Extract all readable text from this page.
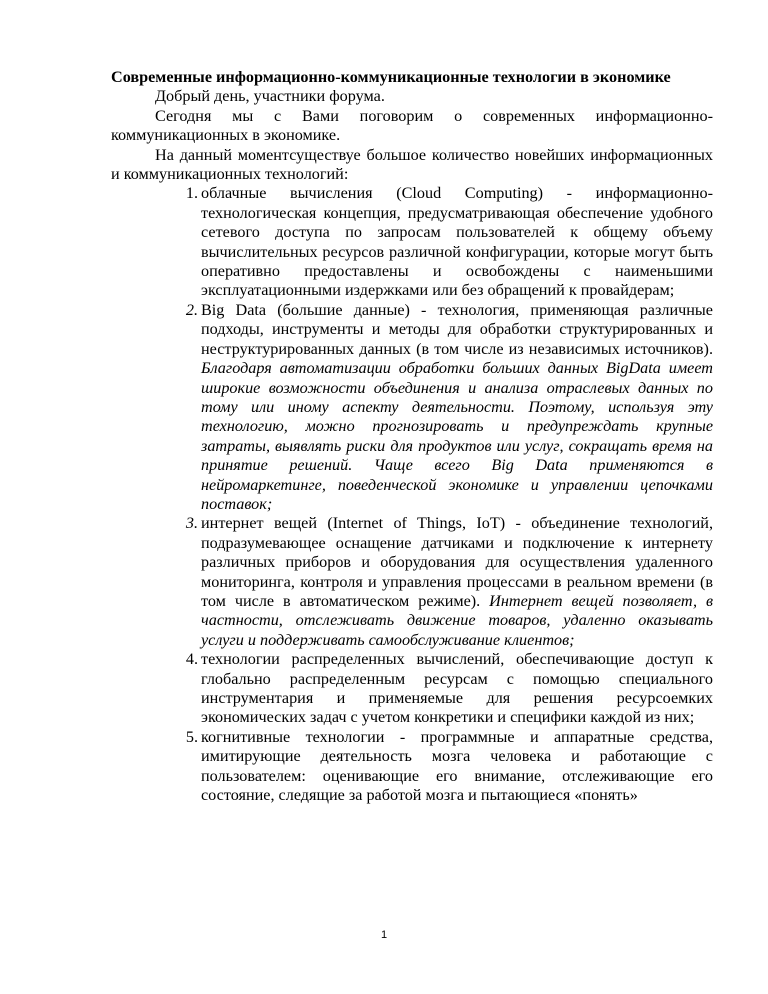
Современные информационно-коммуникационные технологии в экономике

Добрый день, участники форума.

Сегодня мы с Вами поговорим о современных информационно-коммуникационных в экономике.

На данный моментсуществуе большое количество новейших информационных и коммуникационных технологий:

1. облачные вычисления (Cloud Computing) - информационно-технологическая концепция, предусматривающая обеспечение удобного сетевого доступа по запросам пользователей к общему объему вычислительных ресурсов различной конфигурации, которые могут быть оперативно предоставлены и освобождены с наименьшими эксплуатационными издержками или без обращений к провайдерам;
2. Big Data (большие данные) - технология, применяющая различные подходы, инструменты и методы для обработки структурированных и неструктурированных данных (в том числе из независимых источников). Благодаря автоматизации обработки больших данных BigData имеет широкие возможности объединения и анализа отраслевых данных по тому или иному аспекту деятельности. Поэтому, используя эту технологию, можно прогнозировать и предупреждать крупные затраты, выявлять риски для продуктов или услуг, сокращать время на принятие решений. Чаще всего Big Data применяются в нейромаркетинге, поведенческой экономике и управлении цепочками поставок;
3. интернет вещей (Internet of Things, IoT) - объединение технологий, подразумевающее оснащение датчиками и подключение к интернету различных приборов и оборудования для осуществления удаленного мониторинга, контроля и управления процессами в реальном времени (в том числе в автоматическом режиме). Интернет вещей позволяет, в частности, отслеживать движение товаров, удаленно оказывать услуги и поддерживать самообслуживание клиентов;
4. технологии распределенных вычислений, обеспечивающие доступ к глобально распределенным ресурсам с помощью специального инструментария и применяемые для решения ресурсоемких экономических задач с учетом конкретики и специфики каждой из них;
5. когнитивные технологии - программные и аппаратные средства, имитирующие деятельность мозга человека и работающие с пользователем: оценивающие его внимание, отслеживающие его состояние, следящие за работой мозга и пытающиеся «понять»
1
